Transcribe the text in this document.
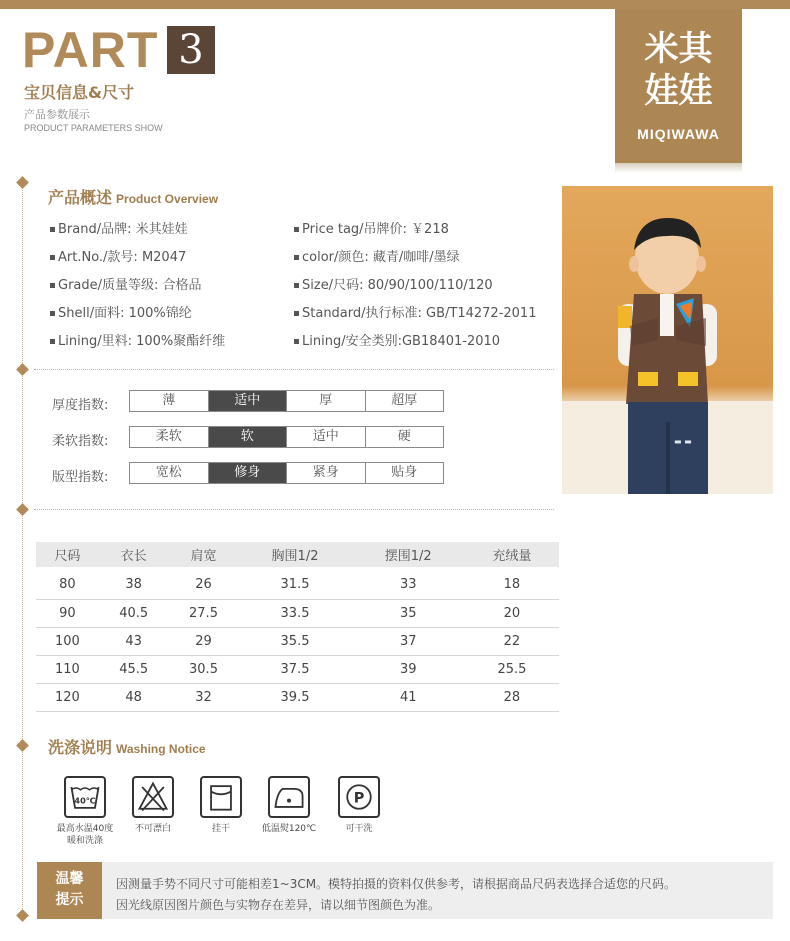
PART 3
宝贝信息&尺寸
产品参数展示
PRODUCT PARAMETERS SHOW
米其
娃娃
MIQIWAWA
产品概述 Product Overview
Brand/品牌: 米其娃娃
Art.No./款号: M2047
Grade/质量等级: 合格品
Shell/面料: 100%锦纶
Lining/里料: 100%聚酯纤维
Price tag/吊牌价: ￥218
color/颜色: 藏青/咖啡/墨绿
Size/尺码: 80/90/100/110/120
Standard/执行标准: GB/T14272-2011
Lining/安全类别:GB18401-2010
▬ ▬
厚度指数:	薄	适中	厚	超厚
柔软指数:	柔软	软	适中	硬
版型指数:	宽松	修身	紧身	贴身
尺码	衣长	肩宽	胸围1/2	摆围1/2	充绒量
80	38	26	31.5	33	18
90	40.5	27.5	33.5	35	20
100	43	29	35.5	37	22
110	45.5	30.5	37.5	39	25.5
120	48	32	39.5	41	28
洗涤说明 Washing Notice
40℃
最高水温40度
暖和洗涤
不可漂白	挂干	低温熨120℃
P
可干洗
温馨
提示
因测量手势不同尺寸可能相差1~3CM。模特拍摄的资料仅供参考，请根据商品尺码表选择合适您的尺码。
因光线原因图片颜色与实物存在差异，请以细节图颜色为准。
